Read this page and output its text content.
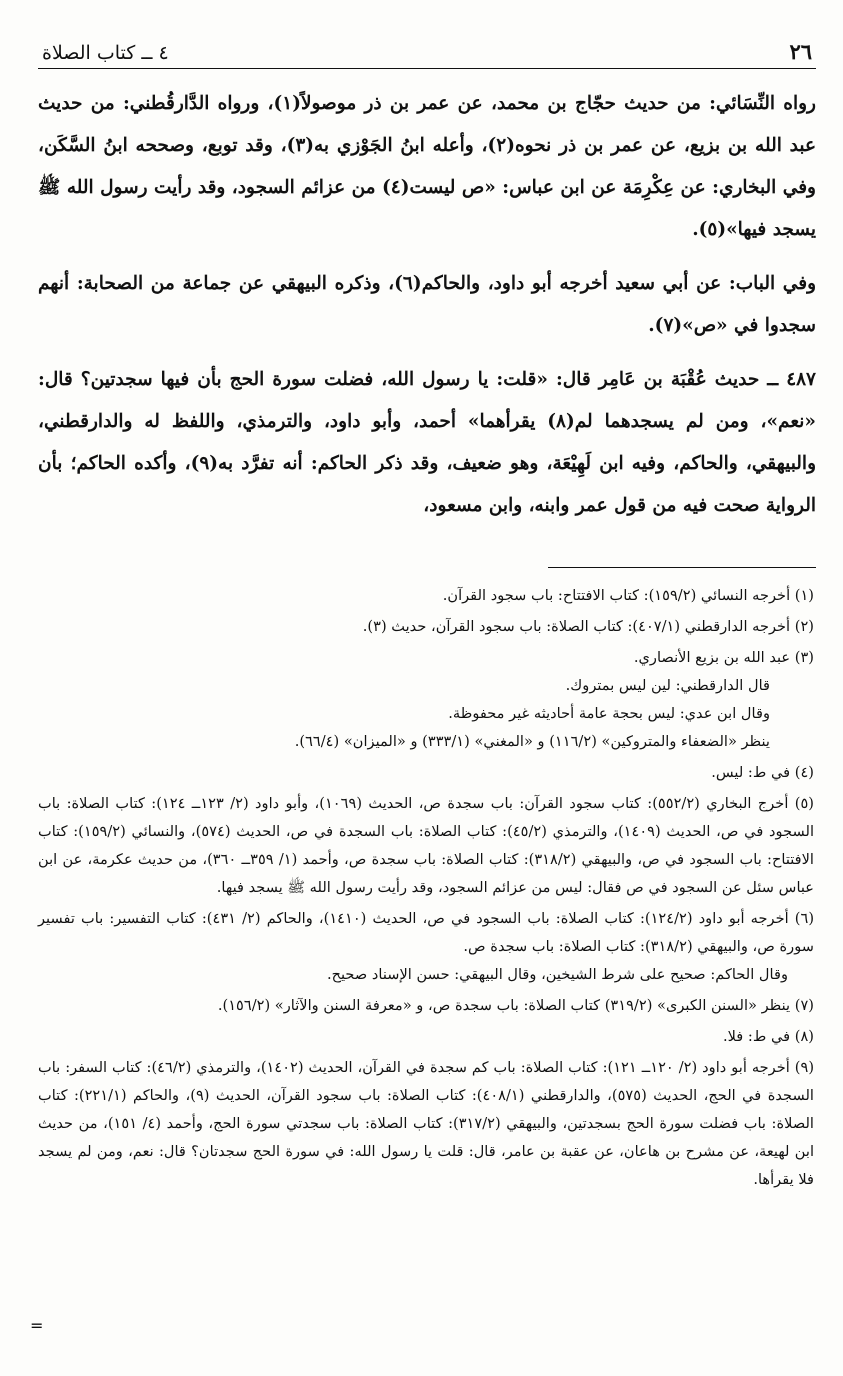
٢٦
٤ ــ كتاب الصلاة

رواه النِّسَائي: من حديث حجّاج بن محمد، عن عمر بن ذر موصولاً(١)، ورواه الدَّارقُطني: من حديث عبد الله بن بزيع، عن عمر بن ذر نحوه(٢)، وأعله ابنُ الجَوْزي به(٣)، وقد توبع، وصححه ابنُ السَّكَن، وفي البخاري: عن عِكْرِمَة عن ابن عباس: «ص ليست(٤) من عزائم السجود، وقد رأيت رسول الله ﷺ يسجد فيها»(٥).

وفي الباب: عن أبي سعيد أخرجه أبو داود، والحاكم(٦)، وذكره البيهقي عن جماعة من الصحابة: أنهم سجدوا في «ص»(٧).

٤٨٧ ــ حديث عُقْبَة بن عَامِر قال: «قلت: يا رسول الله، فضلت سورة الحج بأن فيها سجدتين؟ قال: «نعم»، ومن لم يسجدهما لم(٨) يقرأهما» أحمد، وأبو داود، والترمذي، واللفظ له والدارقطني، والبيهقي، والحاكم، وفيه ابن لَهِيْعَة، وهو ضعيف، وقد ذكر الحاكم: أنه تفرَّد به(٩)، وأكده الحاكم؛ بأن الرواية صحت فيه من قول عمر وابنه، وابن مسعود،

(١) أخرجه النسائي (١٥٩/٢): كتاب الافتتاح: باب سجود القرآن.
(٢) أخرجه الدارقطني (٤٠٧/١): كتاب الصلاة: باب سجود القرآن، حديث (٣).
(٣) عبد الله بن بزيع الأنصاري.
قال الدارقطني: لين ليس بمتروك.
وقال ابن عدي: ليس بحجة عامة أحاديثه غير محفوظة.
ينظر «الضعفاء والمتروكين» (١١٦/٢) و «المغني» (٣٣٣/١) و «الميزان» (٦٦/٤).
(٤) في ط: ليس.
(٥) أخرج البخاري (٥٥٢/٢): كتاب سجود القرآن: باب سجدة ص، الحديث (١٠٦٩)، وأبو داود (٢/ ١٢٣ــ ١٢٤): كتاب الصلاة: باب السجود في ص، الحديث (١٤٠٩)، والترمذي (٤٥/٢): كتاب الصلاة: باب السجدة في ص، الحديث (٥٧٤)، والنسائي (١٥٩/٢): كتاب الافتتاح: باب السجود في ص، والبيهقي (٣١٨/٢): كتاب الصلاة: باب سجدة ص، وأحمد (١/ ٣٥٩ــ ٣٦٠)، من حديث عكرمة، عن ابن عباس سئل عن السجود في ص فقال: ليس من عزائم السجود، وقد رأيت رسول الله ﷺ يسجد فيها.
(٦) أخرجه أبو داود (١٢٤/٢): كتاب الصلاة: باب السجود في ص، الحديث (١٤١٠)، والحاكم (٢/ ٤٣١): كتاب التفسير: باب تفسير سورة ص، والبيهقي (٣١٨/٢): كتاب الصلاة: باب سجدة ص.
وقال الحاكم: صحيح على شرط الشيخين، وقال البيهقي: حسن الإسناد صحيح.
(٧) ينظر «السنن الكبرى» (٣١٩/٢) كتاب الصلاة: باب سجدة ص، و «معرفة السنن والآثار» (١٥٦/٢).
(٨) في ط: فلا.
(٩) أخرجه أبو داود (٢/ ١٢٠ــ ١٢١): كتاب الصلاة: باب كم سجدة في القرآن، الحديث (١٤٠٢)، والترمذي (٤٦/٢): كتاب السفر: باب السجدة في الحج، الحديث (٥٧٥)، والدارقطني (٤٠٨/١): كتاب الصلاة: باب سجود القرآن، الحديث (٩)، والحاكم (٢٢١/١): كتاب الصلاة: باب فضلت سورة الحج بسجدتين، والبيهقي (٣١٧/٢): كتاب الصلاة: باب سجدتي سورة الحج، وأحمد (٤/ ١٥١)، من حديث ابن لهيعة، عن مشرح بن هاعان، عن عقبة بن عامر، قال: قلت يا رسول الله: في سورة الحج سجدتان؟ قال: نعم، ومن لم يسجد فلا يقرأها.
=
